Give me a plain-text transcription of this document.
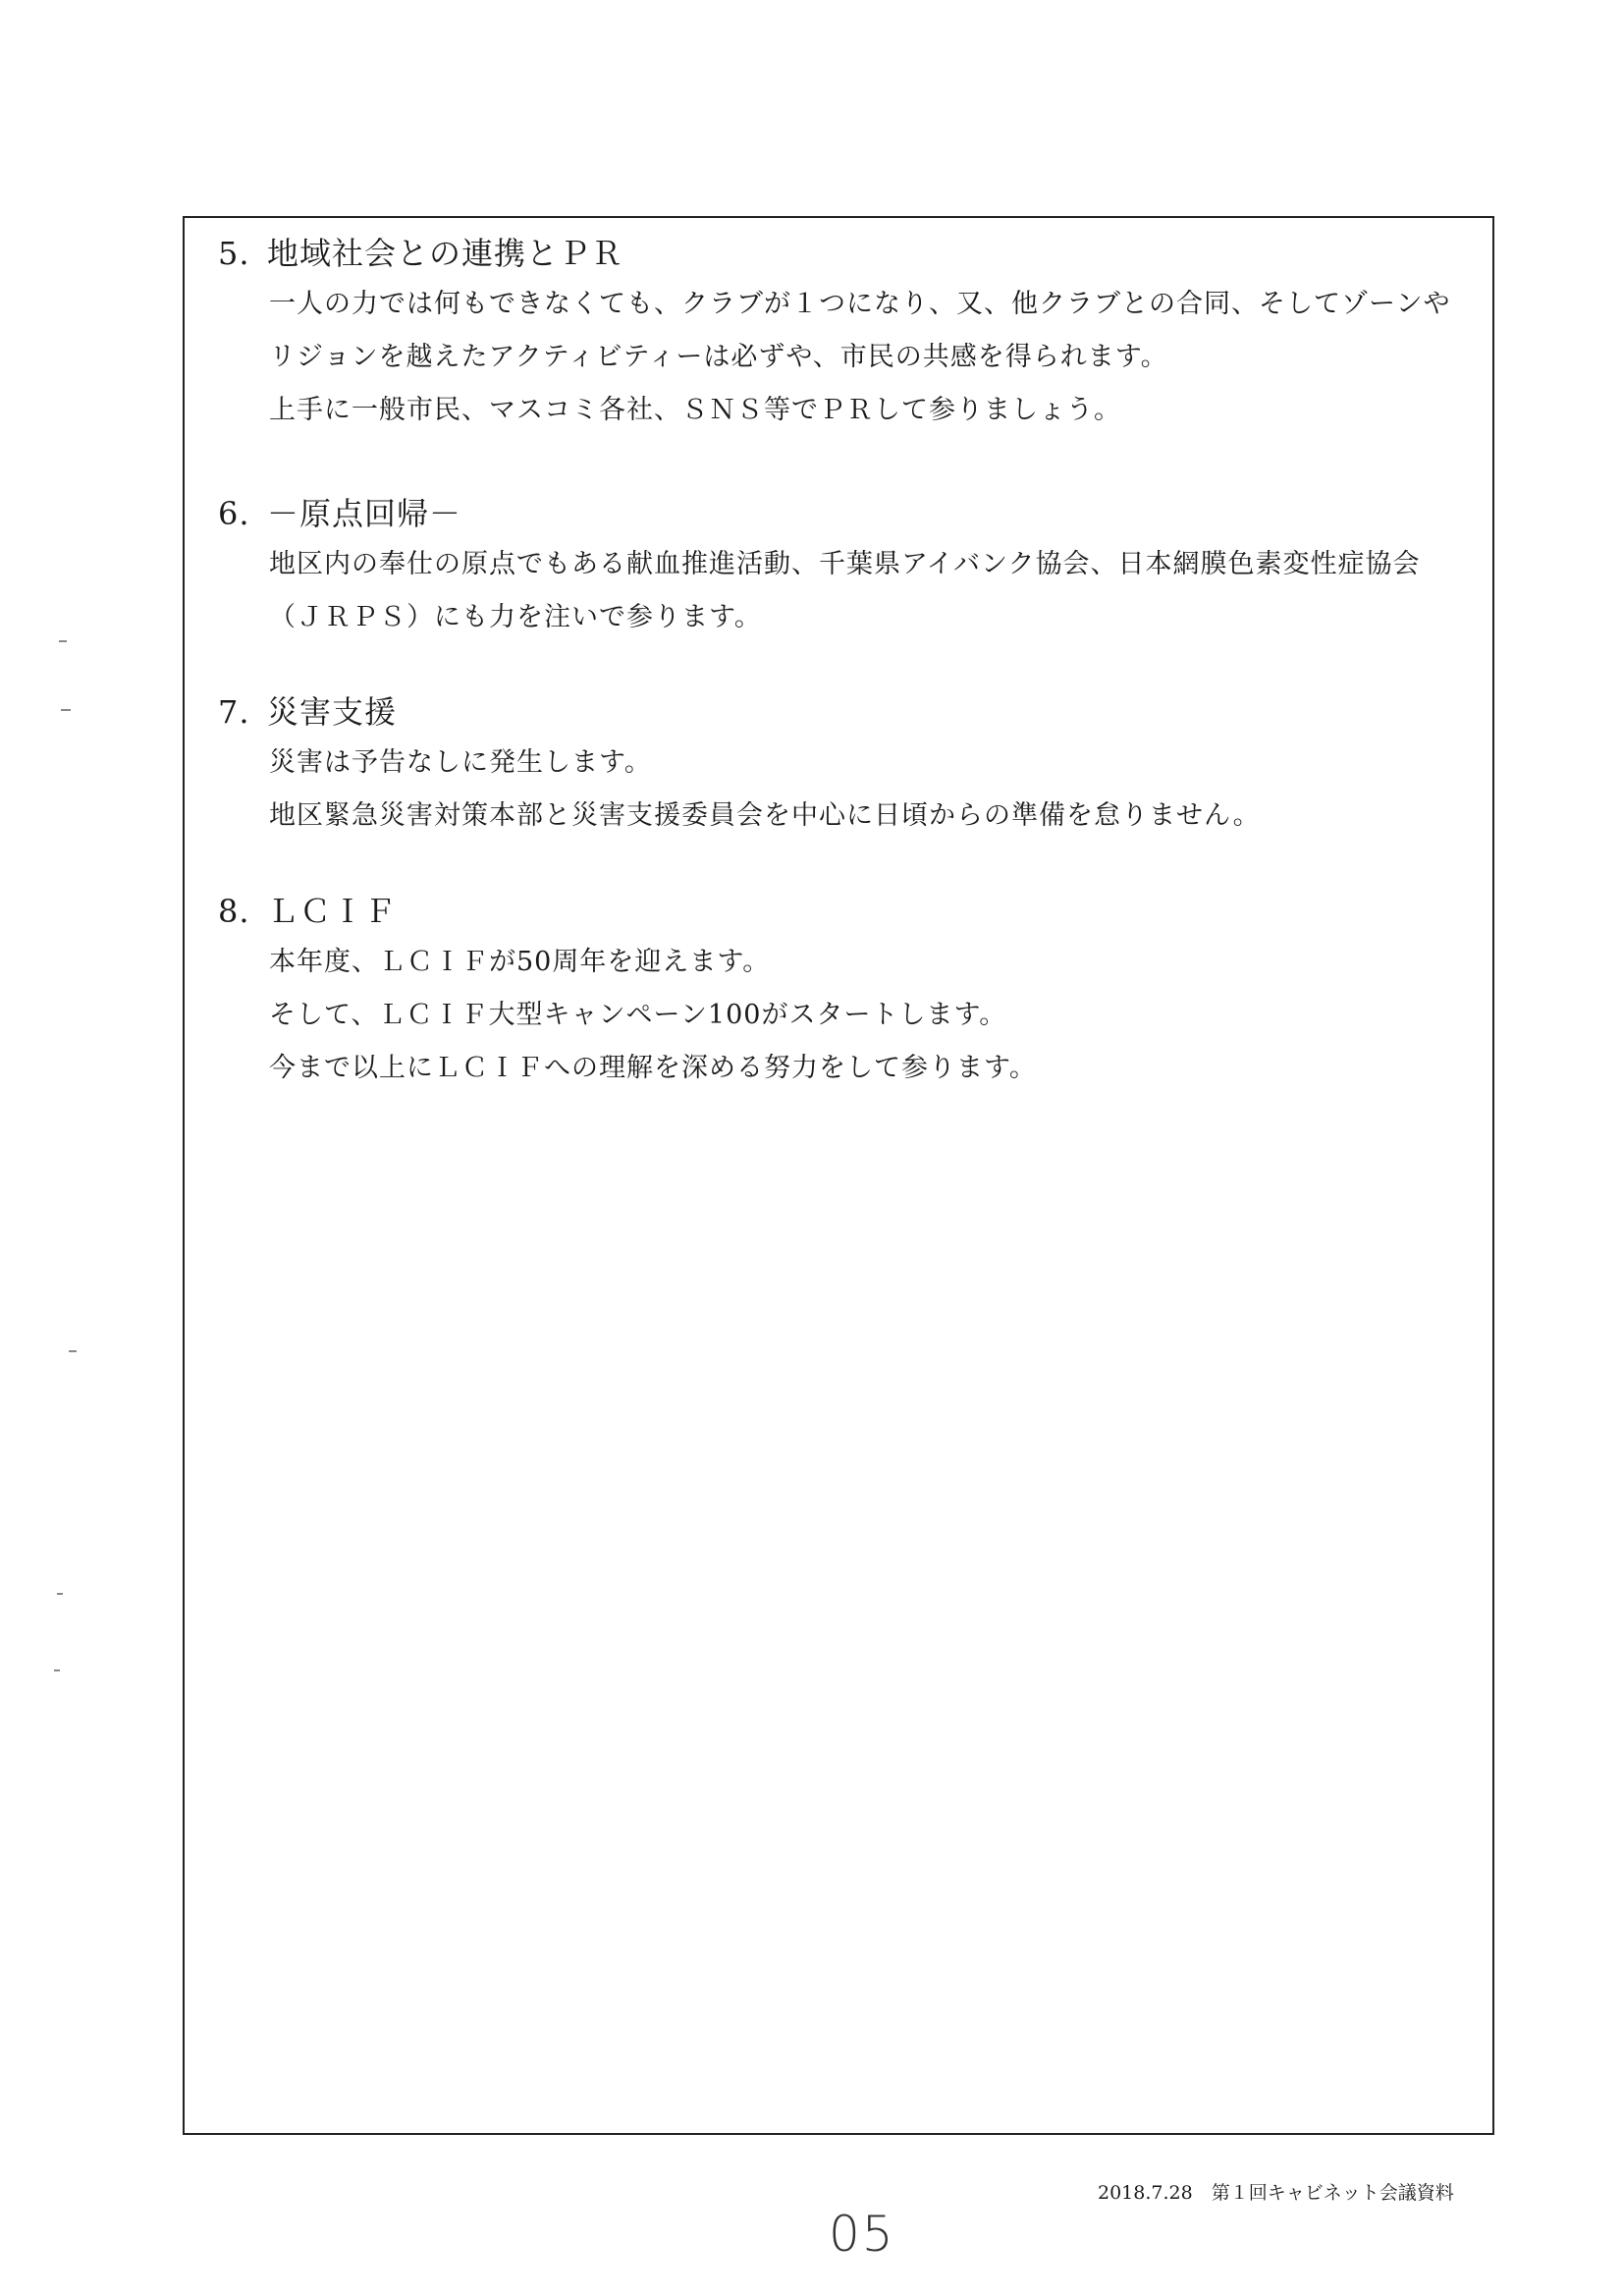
5. 地域社会との連携とＰＲ
一人の力では何もできなくても、クラブが１つになり、又、他クラブとの合同、そしてゾーンや
リジョンを越えたアクティビティーは必ずや、市民の共感を得られます。
上手に一般市民、マスコミ各社、ＳＮＳ等でＰＲして参りましょう。
6. －原点回帰－
地区内の奉仕の原点でもある献血推進活動、千葉県アイバンク協会、日本網膜色素変性症協会
（ＪＲＰＳ）にも力を注いで参ります。
7. 災害支援
災害は予告なしに発生します。
地区緊急災害対策本部と災害支援委員会を中心に日頃からの準備を怠りません。
8. ＬＣＩＦ
本年度、ＬＣＩＦが50周年を迎えます。
そして、ＬＣＩＦ大型キャンペーン100がスタートします。
今まで以上にＬＣＩＦへの理解を深める努力をして参ります。
2018.7.28　第１回キャビネット会議資料
05
